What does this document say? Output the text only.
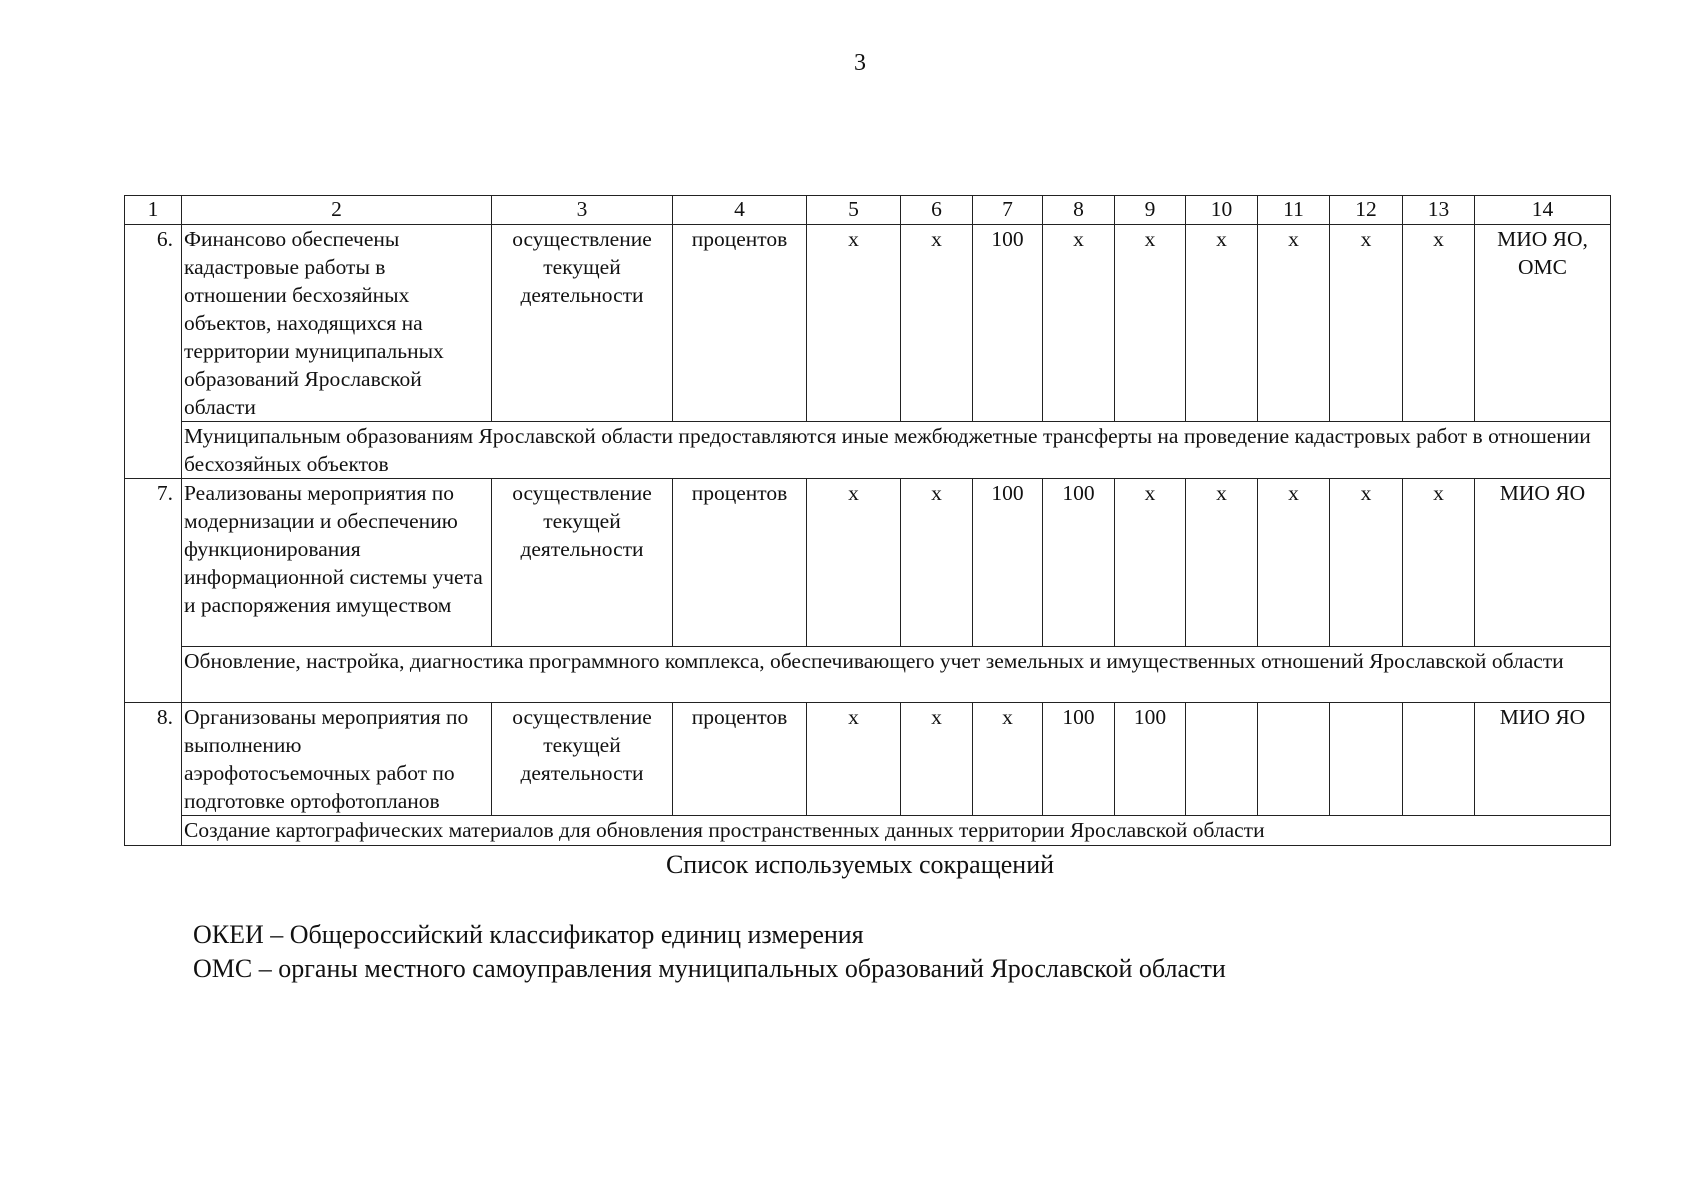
3
1	2	3	4	5	6	7	8	9	10	11	12	13	14
6.	Финансово обеспечены кадастровые работы в отношении бесхозяйных объектов, находящихся на территории муниципальных образований Ярославской области	осуществление текущей деятельности	процентов	х	х	100	х	х	х	х	х	х	МИО ЯО, ОМС
	Муниципальным образованиям Ярославской области предоставляются иные межбюджетные трансферты на проведение кадастровых работ в отношении бесхозяйных объектов												
7.	Реализованы мероприятия по модернизации и обеспечению функционирования информационной системы учета и распоряжения имуществом	осуществление текущей деятельности	процентов	х	х	100	100	х	х	х	х	х	МИО ЯО
	Обновление, настройка, диагностика программного комплекса, обеспечивающего учет земельных и имущественных отношений Ярославской области												
8.	Организованы мероприятия по выполнению аэрофотосъемочных работ по подготовке ортофотопланов	осуществление текущей деятельности	процентов	х	х	х	100	100					МИО ЯО
	Создание картографических материалов для обновления пространственных данных территории Ярославской области												
Список используемых сокращений
ОКЕИ – Общероссийский классификатор единиц измерения
ОМС – органы местного самоуправления муниципальных образований Ярославской области
